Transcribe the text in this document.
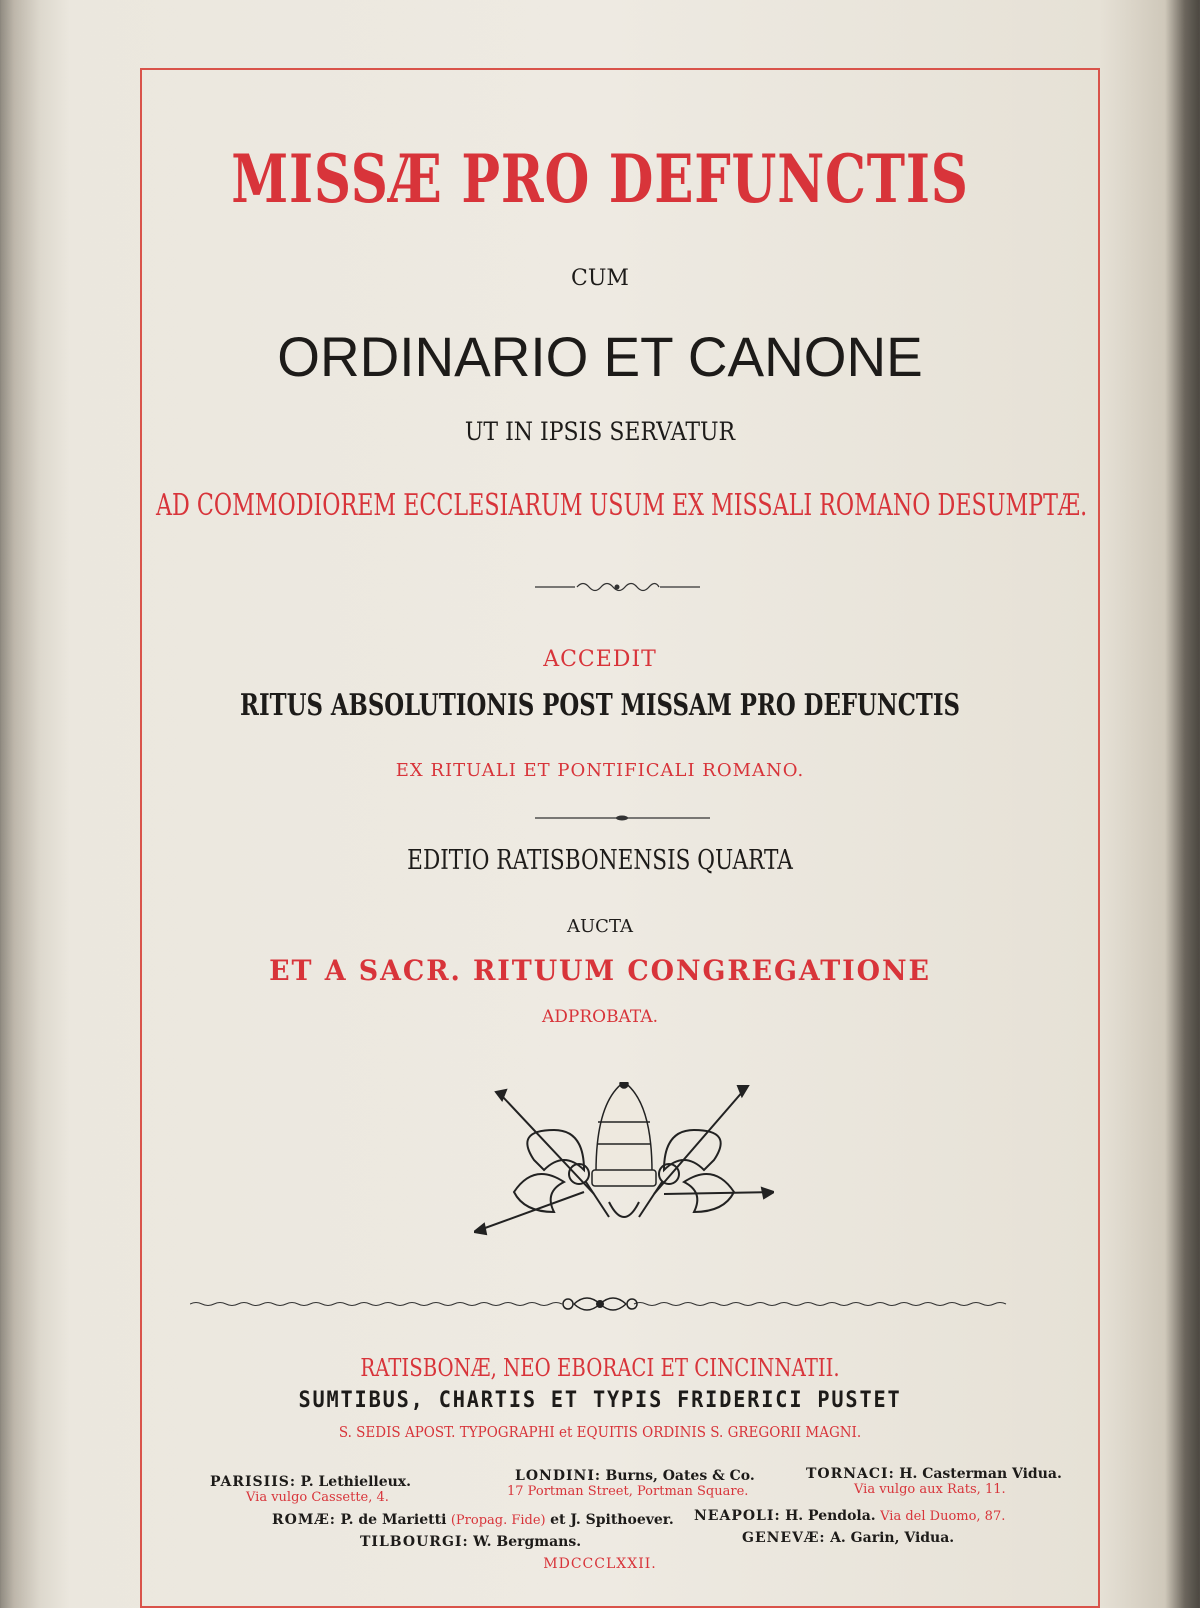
MISSÆ PRO DEFUNCTIS
CUM
ORDINARIO ET CANONE
UT IN IPSIS SERVATUR
AD COMMODIOREM ECCLESIARUM USUM EX MISSALI ROMANO DESUMPTÆ.
ACCEDIT
RITUS ABSOLUTIONIS POST MISSAM PRO DEFUNCTIS
EX RITUALI ET PONTIFICALI ROMANO.
EDITIO RATISBONENSIS QUARTA
AUCTA
ET A SACR. RITUUM CONGREGATIONE
ADPROBATA.
RATISBONÆ, NEO EBORACI ET CINCINNATII.
SUMTIBUS, CHARTIS ET TYPIS FRIDERICI PUSTET
S. SEDIS APOST. TYPOGRAPHI et EQUITIS ORDINIS S. GREGORII MAGNI.
PARISIIS: P. Lethielleux.
Via vulgo Cassette, 4.
LONDINI: Burns, Oates & Co.
17 Portman Street, Portman Square.
TORNACI: H. Casterman Vidua.
Via vulgo aux Rats, 11.
ROMÆ: P. de Marietti (Propag. Fide) et J. Spithoever. NEAPOLI: H. Pendola. Via del Duomo, 87.
TILBOURGI: W. Bergmans.	GENEVÆ: A. Garin, Vidua.
MDCCCLXXII.
